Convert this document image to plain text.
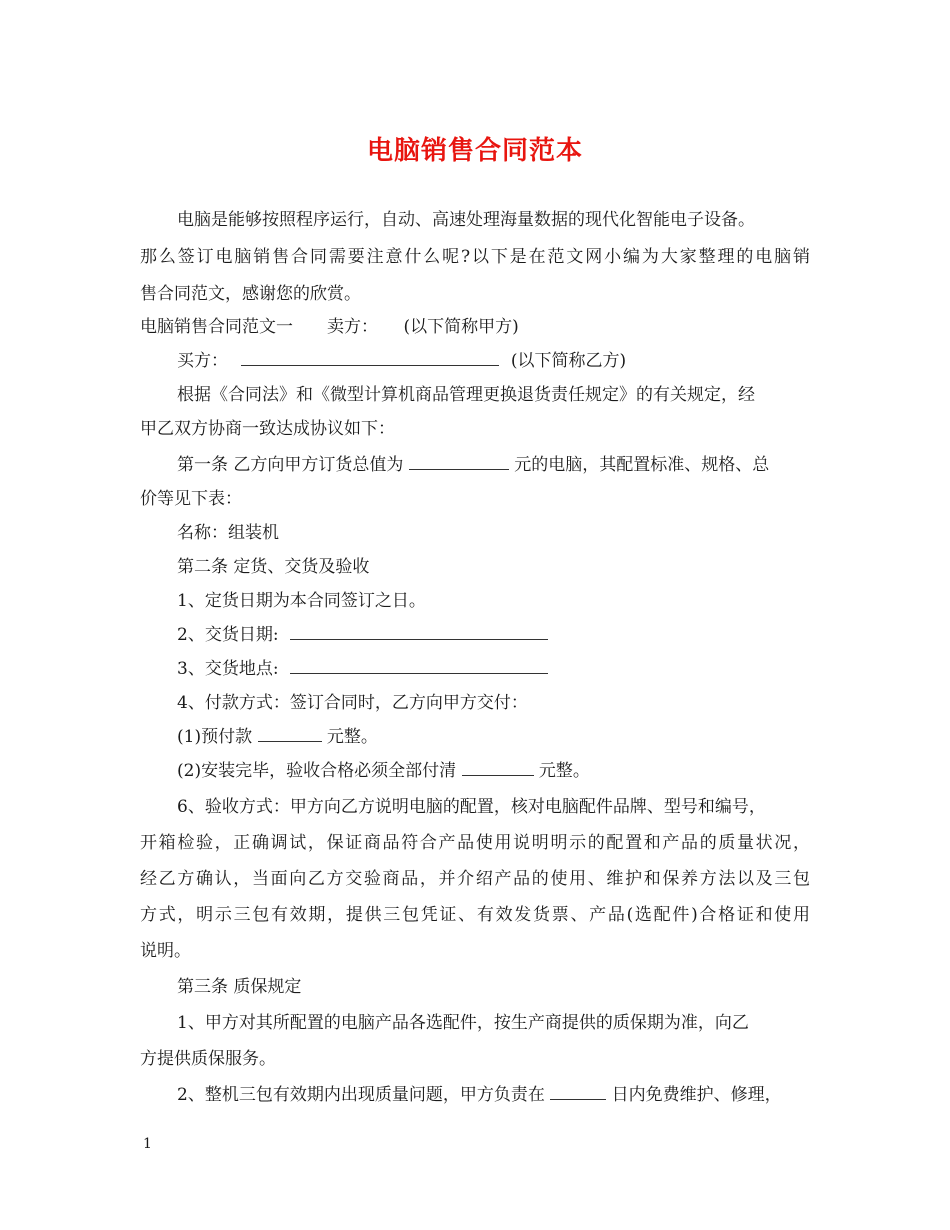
电脑销售合同范本
电脑是能够按照程序运行，自动、高速处理海量数据的现代化智能电子设备。
那么签订电脑销售合同需要注意什么呢?以下是在范文网小编为大家整理的电脑销
售合同范文，感谢您的欣赏。
电脑销售合同范文一　　卖方：　　(以下简称甲方)
买方：	(以下简称乙方)
根据《合同法》和《微型计算机商品管理更换退货责任规定》的有关规定，经
甲乙双方协商一致达成协议如下：
第一条 乙方向甲方订货总值为	元的电脑，其配置标准、规格、总
价等见下表：
名称：组装机
第二条 定货、交货及验收
1、定货日期为本合同签订之日。
2、交货日期:
3、交货地点:
4、付款方式：签订合同时，乙方向甲方交付：
(1)预付款	元整。
(2)安装完毕，验收合格必须全部付清	元整。
6、验收方式：甲方向乙方说明电脑的配置，核对电脑配件品牌、型号和编号，
开箱检验，正确调试，保证商品符合产品使用说明明示的配置和产品的质量状况，
经乙方确认，当面向乙方交验商品，并介绍产品的使用、维护和保养方法以及三包
方式，明示三包有效期，提供三包凭证、有效发货票、产品(选配件)合格证和使用
说明。
第三条 质保规定
1、甲方对其所配置的电脑产品各选配件，按生产商提供的质保期为准，向乙
方提供质保服务。
2、整机三包有效期内出现质量问题，甲方负责在	日内免费维护、修理，
1
